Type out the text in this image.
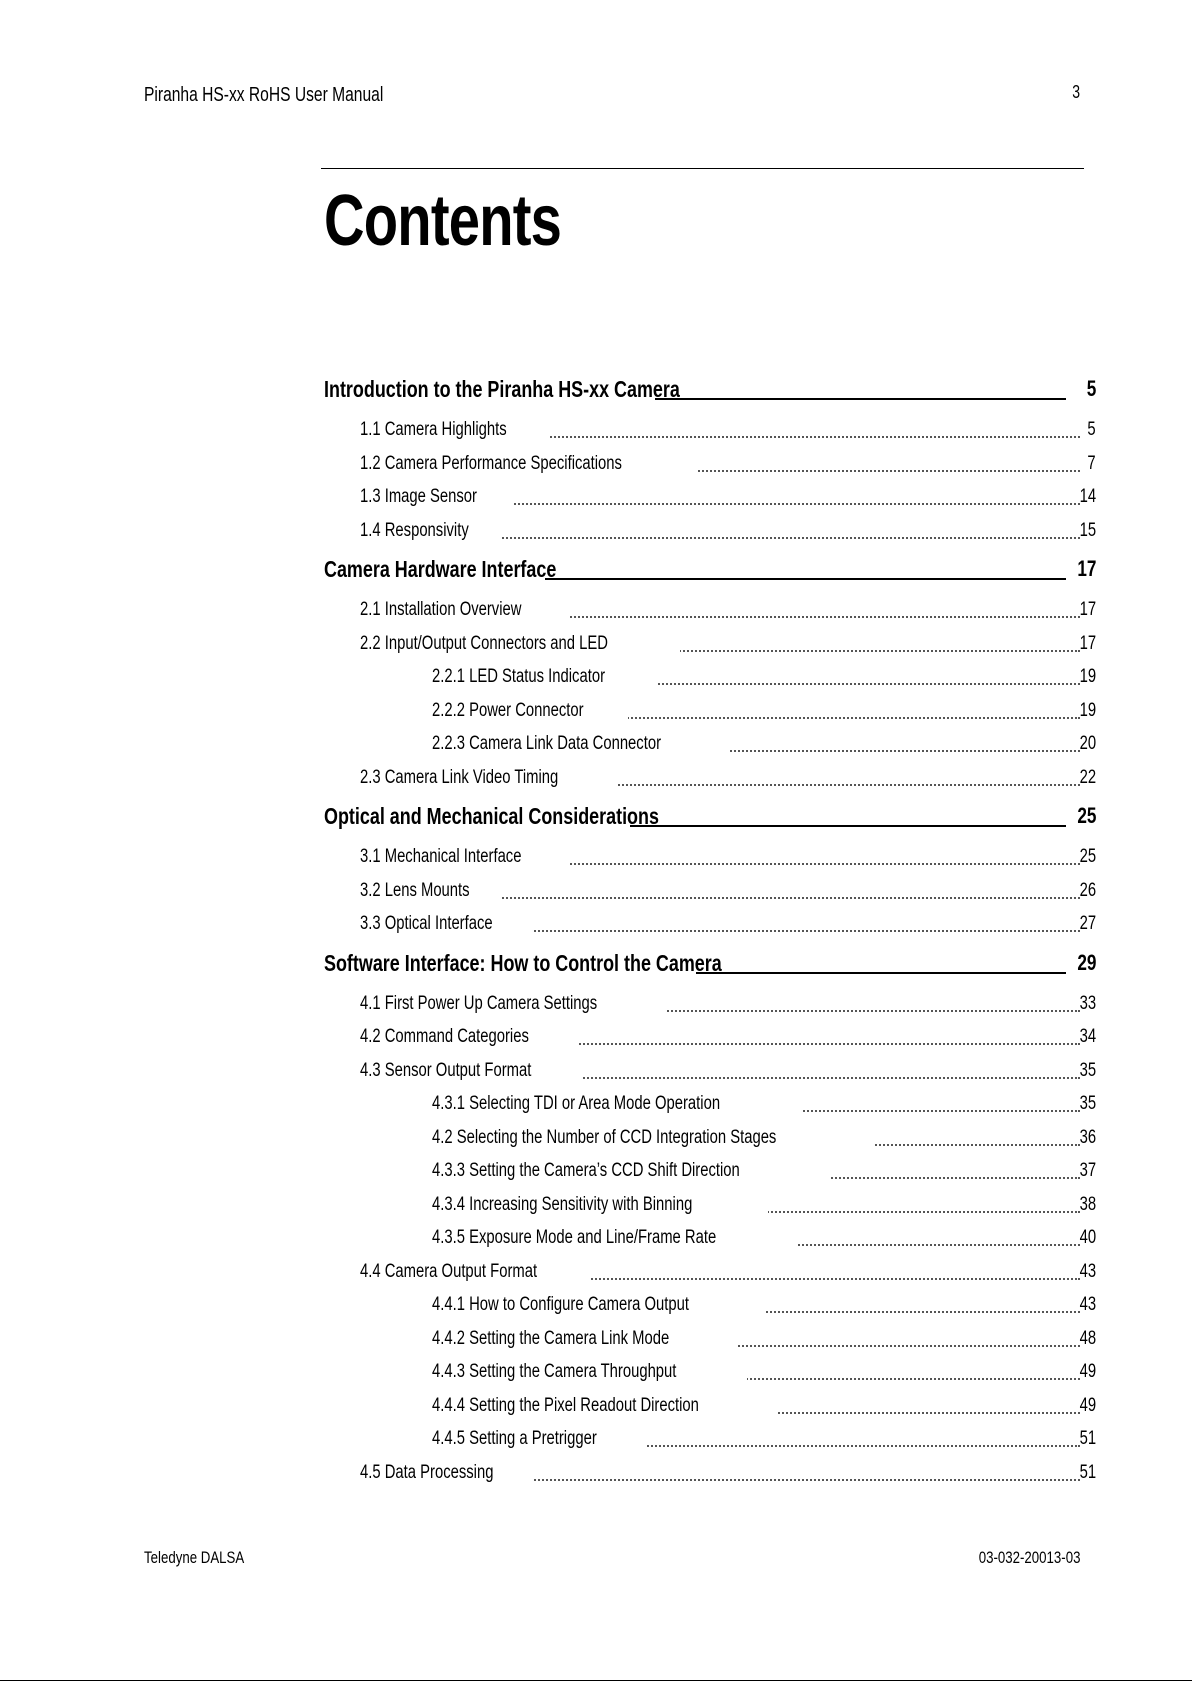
Piranha HS-xx RoHS User Manual	3
Contents
Introduction to the Piranha HS-xx Camera	5
1.1 Camera Highlights	5
1.2 Camera Performance Specifications	7
1.3 Image Sensor	14
1.4 Responsivity	15
Camera Hardware Interface	17
2.1 Installation Overview	17
2.2 Input/Output Connectors and LED	17
2.2.1 LED Status Indicator	19
2.2.2 Power Connector	19
2.2.3 Camera Link Data Connector	20
2.3 Camera Link Video Timing	22
Optical and Mechanical Considerations	25
3.1 Mechanical Interface	25
3.2 Lens Mounts	26
3.3 Optical Interface	27
Software Interface: How to Control the Camera	29
4.1 First Power Up Camera Settings	33
4.2 Command Categories	34
4.3 Sensor Output Format	35
4.3.1 Selecting TDI or Area Mode Operation	35
4.2 Selecting the Number of CCD Integration Stages	36
4.3.3 Setting the Camera’s CCD Shift Direction	37
4.3.4 Increasing Sensitivity with Binning	38
4.3.5 Exposure Mode and Line/Frame Rate	40
4.4 Camera Output Format	43
4.4.1 How to Configure Camera Output	43
4.4.2 Setting the Camera Link Mode	48
4.4.3 Setting the Camera Throughput	49
4.4.4 Setting the Pixel Readout Direction	49
4.4.5 Setting a Pretrigger	51
4.5 Data Processing	51
Teledyne DALSA	03-032-20013-03
